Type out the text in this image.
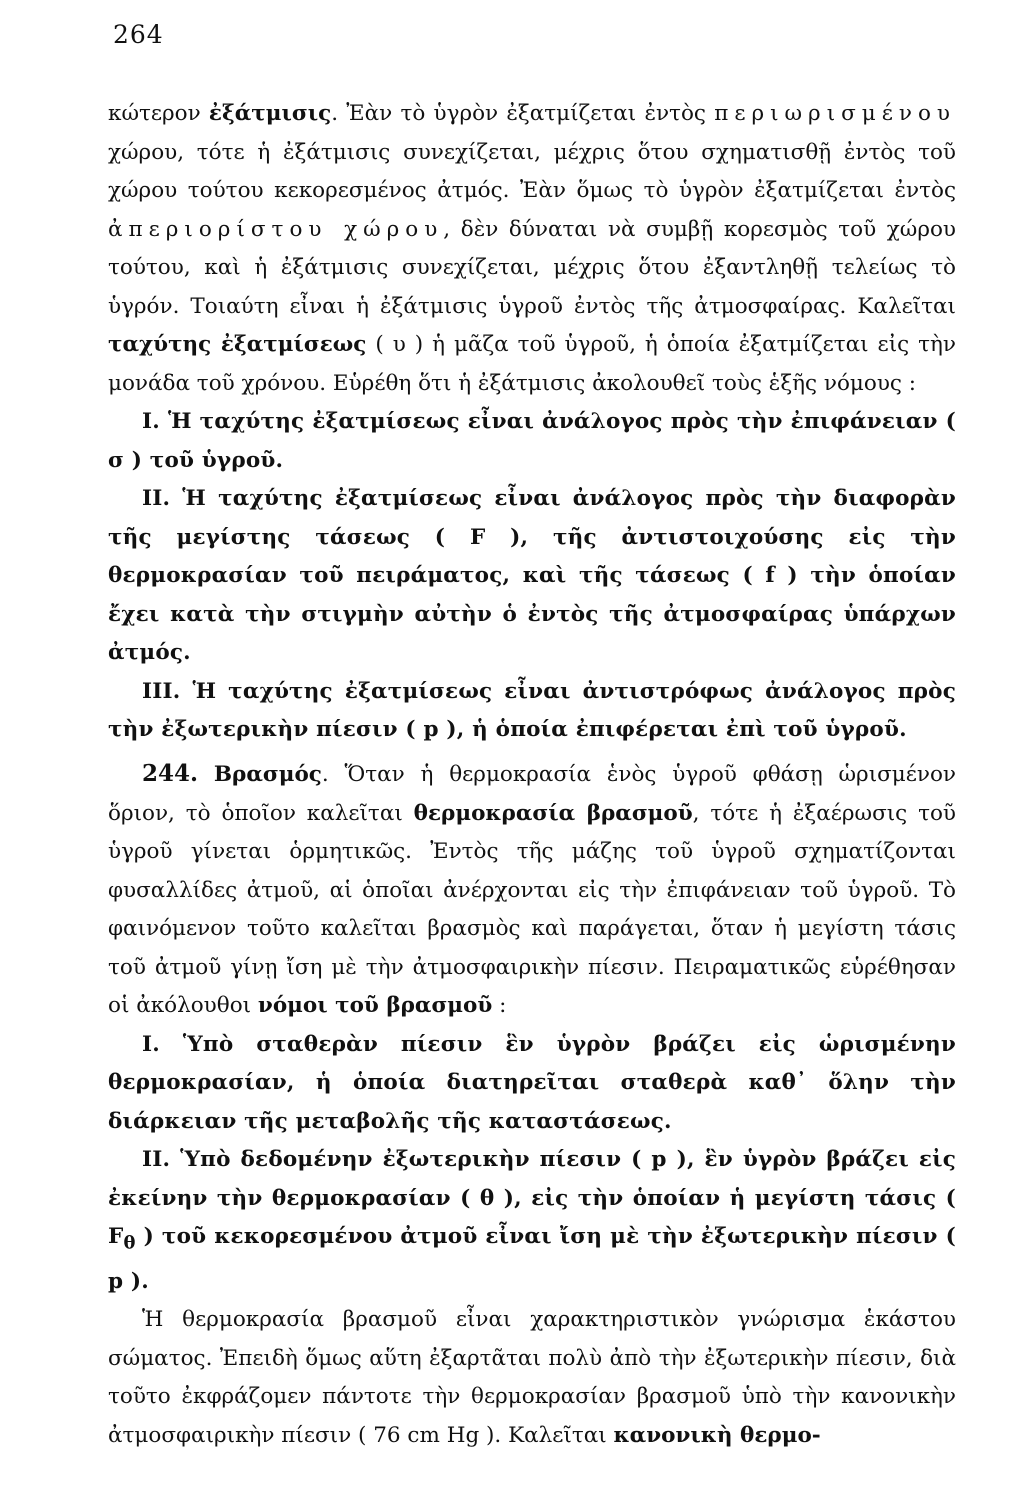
264

κώτερον ἐξάτμισις. Ἐὰν τὸ ὑγρὸν ἐξατμίζεται ἐντὸς περιωρισμένου χώρου, τότε ἡ ἐξάτμισις συνεχίζεται, μέχρις ὅτου σχηματισθῇ ἐντὸς τοῦ χώρου τούτου κεκορεσμένος ἀτμός. Ἐὰν ὅμως τὸ ὑγρὸν ἐξατμίζεται ἐντὸς ἀπεριορίστου χώρου, δὲν δύναται νὰ συμβῇ κορεσμὸς τοῦ χώρου τούτου, καὶ ἡ ἐξάτμισις συνεχίζεται, μέχρις ὅτου ἐξαντληθῇ τελείως τὸ ὑγρόν. Τοιαύτη εἶναι ἡ ἐξάτμισις ὑγροῦ ἐντὸς τῆς ἀτμοσφαίρας. Καλεῖται ταχύτης ἐξατμίσεως ( υ ) ἡ μᾶζα τοῦ ὑγροῦ, ἡ ὁποία ἐξατμίζεται εἰς τὴν μονάδα τοῦ χρόνου. Εὑρέθη ὅτι ἡ ἐξάτμισις ἀκολουθεῖ τοὺς ἑξῆς νόμους :

I. Ἡ ταχύτης ἐξατμίσεως εἶναι ἀνάλογος πρὸς τὴν ἐπιφάνειαν ( σ ) τοῦ ὑγροῦ.

II. Ἡ ταχύτης ἐξατμίσεως εἶναι ἀνάλογος πρὸς τὴν διαφορὰν τῆς μεγίστης τάσεως ( F ), τῆς ἀντιστοιχούσης εἰς τὴν θερμοκρασίαν τοῦ πειράματος, καὶ τῆς τάσεως ( f ) τὴν ὁποίαν ἔχει κατὰ τὴν στιγμὴν αὐτὴν ὁ ἐντὸς τῆς ἀτμοσφαίρας ὑπάρχων ἀτμός.

III. Ἡ ταχύτης ἐξατμίσεως εἶναι ἀντιστρόφως ἀνάλογος πρὸς τὴν ἐξωτερικὴν πίεσιν ( p ), ἡ ὁποία ἐπιφέρεται ἐπὶ τοῦ ὑγροῦ.

244. Βρασμός. Ὅταν ἡ θερμοκρασία ἑνὸς ὑγροῦ φθάσῃ ὡρισμένον ὅριον, τὸ ὁποῖον καλεῖται θερμοκρασία βρασμοῦ, τότε ἡ ἐξαέρωσις τοῦ ὑγροῦ γίνεται ὁρμητικῶς. Ἐντὸς τῆς μάζης τοῦ ὑγροῦ σχηματίζονται φυσαλλίδες ἀτμοῦ, αἱ ὁποῖαι ἀνέρχονται εἰς τὴν ἐπιφάνειαν τοῦ ὑγροῦ. Τὸ φαινόμενον τοῦτο καλεῖται βρασμὸς καὶ παράγεται, ὅταν ἡ μεγίστη τάσις τοῦ ἀτμοῦ γίνῃ ἴση μὲ τὴν ἀτμοσφαιρικὴν πίεσιν. Πειραματικῶς εὑρέθησαν οἱ ἀκόλουθοι νόμοι τοῦ βρασμοῦ :

I. Ὑπὸ σταθερὰν πίεσιν ἓν ὑγρὸν βράζει εἰς ὡρισμένην θερμοκρασίαν, ἡ ὁποία διατηρεῖται σταθερὰ καθ᾽ ὅλην τὴν διάρκειαν τῆς μεταβολῆς τῆς καταστάσεως.

II. Ὑπὸ δεδομένην ἐξωτερικὴν πίεσιν ( p ), ἓν ὑγρὸν βράζει εἰς ἐκείνην τὴν θερμοκρασίαν ( θ ), εἰς τὴν ὁποίαν ἡ μεγίστη τάσις ( $F_\theta$ ) τοῦ κεκορεσμένου ἀτμοῦ εἶναι ἴση μὲ τὴν ἐξωτερικὴν πίεσιν ( p ).

Ἡ θερμοκρασία βρασμοῦ εἶναι χαρακτηριστικὸν γνώρισμα ἑκάστου σώματος. Ἐπειδὴ ὅμως αὕτη ἐξαρτᾶται πολὺ ἀπὸ τὴν ἐξωτερικὴν πίεσιν, διὰ τοῦτο ἐκφράζομεν πάντοτε τὴν θερμοκρασίαν βρασμοῦ ὑπὸ τὴν κανονικὴν ἀτμοσφαιρικὴν πίεσιν ( 76 cm Hg ). Καλεῖται κανονικὴ θερμο-
